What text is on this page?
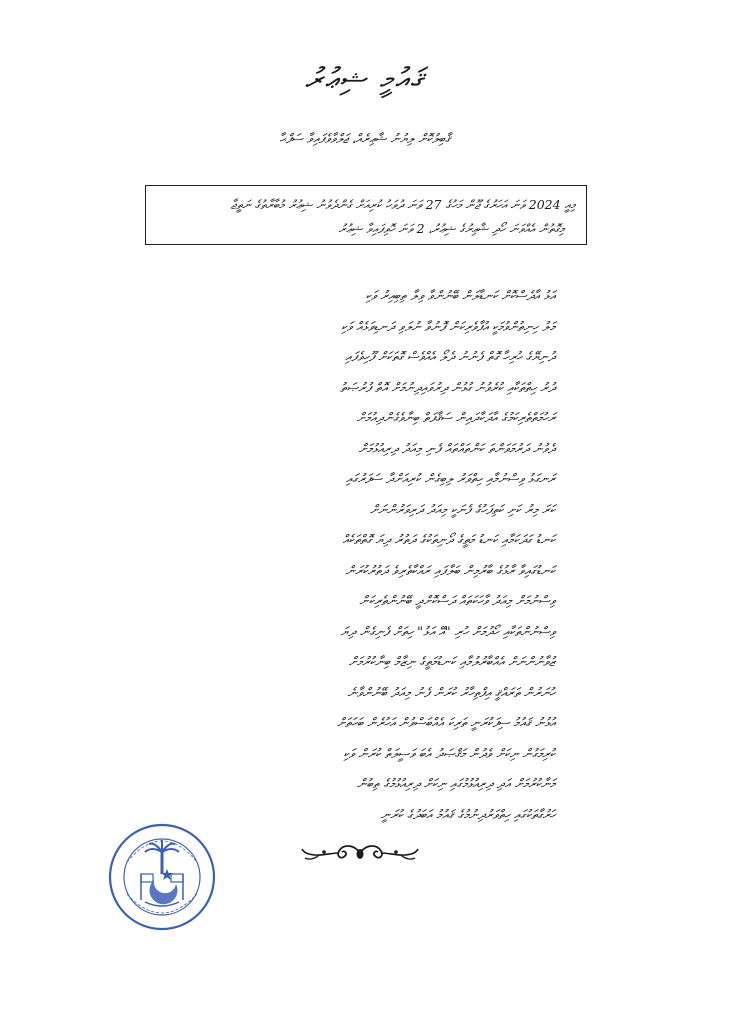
ޤައުމީ ޝިޢުރު
ޤާބިލުކޮށް ލިޔުނު ޝާޢިރެއް، ޖަލްވާވެފައިވާ ސަފްޙާ
މިއީ 2024 ވަނަ އަހަރުގެ ޖޫން މަހުގެ 27 ވަނަ ދުވަހު ކުރިއަށް ގެންދެވުނު ޝިޢުރު މުބާރާތުގެ ނަތީޖާ
މިގޮތުން އެއްވަނަ ހޯދި ޝާޢިރުގެ ޝިޢުރު، 2 ވަނަ ހޮވިފައިވާ ޝިޢުރު
އަޅު އާދެސްކޮށް ކަނޑާލަން ބޭނުންވާ ވިލާ ތިބިއިރު ވަކި
މަލު ހިނިތުންވުމަކީ އުފާވެރިކަން ފޮނުވާ ނުލަވި ދަނޑިވަޅެއް ވަކި
ދުނިޔޭގެ ހުރިހާ ގޮތް ފެނުނު ދެލޯ އެއްވެސް ގޮތަކަށް ފޫހިވެފައި
ދުރު ހިތްތަކާއި ކުރެވުނު ގުޅުން ދިރުވައިދިނުމަށް އޮތް ފުރުޞަތު
ރަހުމަތްތެރިކަމުގެ އާދަކާދައިން ސަޤާފަތް ބިނާވެގެންދިއުމަށް
ދެވުނު ދަރުމަވަންތަ ކަންތައްތައް ފެނި މިއަދު ދިރިއުޅުމަށް
ރަނގަޅު ވިސްނުމާއި ހިތްވަރު ލިބިގެން ކުރިއަށްދާ ސަފަރުގައި
ކަރަ މިރު ކަށި ކަތިފަހުގެ ފެނަކީ މިއަދު ދަރިވަރުންނަށް
ކަނޑު ގަދަކަމާއި ކަނޑު މަތީގެ ދޯނިތަކުގެ ދަތުރު ދިޔަ ގޮތްތަކެއް
ކަނޑުގައިވާ ރާޅުގެ ބާރުމިން ބަލާފައި ރައްކާތެރިވެ ދަތުރުކުރަން
ވިސްނުމަށް މިއަދު ވާހަކަތައް ދަސްކޮށްދީ ބޭނުންތެރިކަން
ވިސްނުންތަކާއި ހޯދުމަށް ހުރި "އޭ އަޅު" ހިތަށް ފެނިގެން ދިޔަ
ޒުވާނުންނަށް އެއްބާރުލުމާއި ކަނޑުމަތީގެ ނިޒާމް ބިނާކުރުމަށް
ހުނަރުން ތަރައްޤީ އިފްތިހާރު ކުރަން ފެނު މިއަދު ބޭނުންވާނެ
އުޅުނު ޤައުމު ސިފަކުރަނީ ތަރިކަ އެއްބަސްވުން އަހުރެން ބަހަތަށް
ކުރިމަގުން ނިކަށް ވެދުން މަޤްޞަދު އެބަ ވަސީލަތް ކުރަން ވަކި
މަނާކުރުމަށް އަދި ދިރިއުޅުމުގައި ނިކަށް ދިރިއުޅުމުގެ ތިބުން
ހަރުގާތަކުގައި ހިތްވަރުދިނުމުގެ ޤައުމު އަބަދުގެ ކުރަނީ
